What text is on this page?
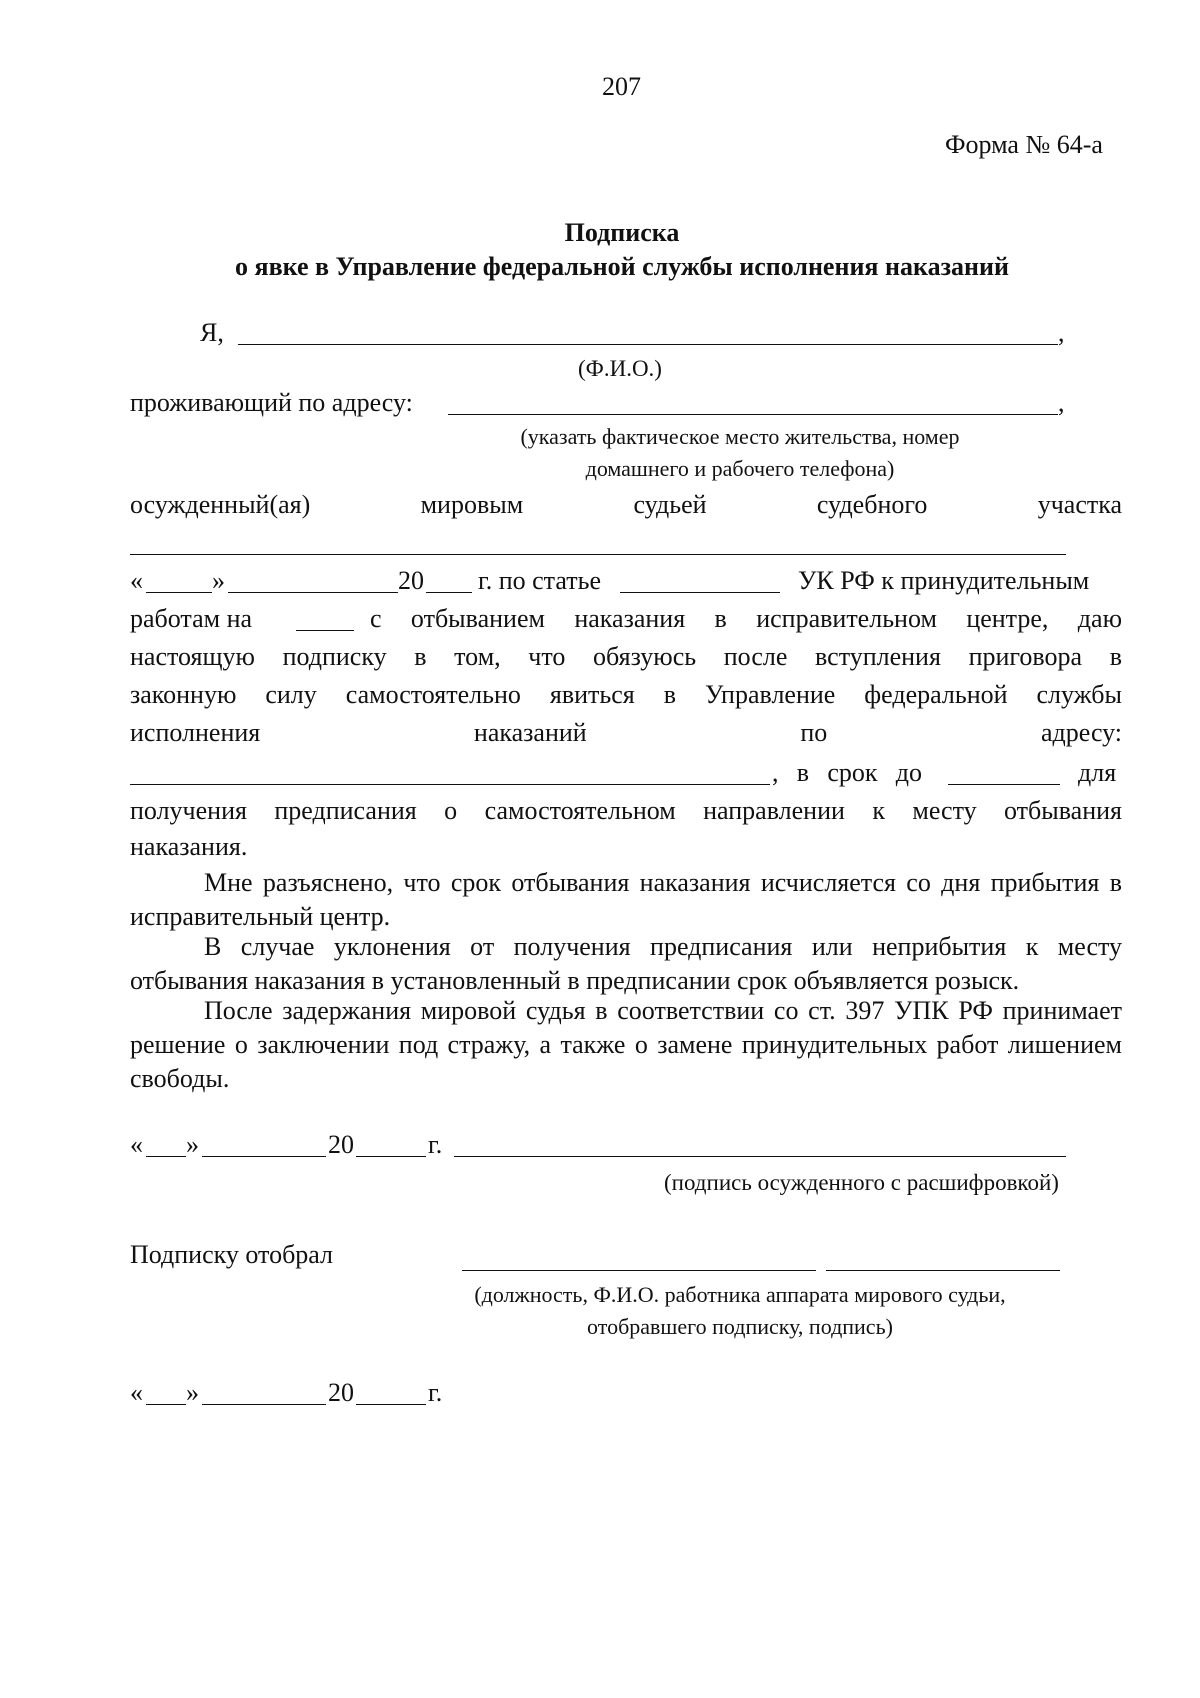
207
Форма № 64-а
Подписка
о явке в Управление федеральной службы исполнения наказаний
Я,	,
(Ф.И.О.)
проживающий по адресу:	,
(указать фактическое место жительства, номер
домашнего и рабочего телефона)
осужденный(ая)	мировым	судьей	судебного	участка
«	»	20 г. по статье	УК РФ к принудительным
работам на	с отбыванием наказания в исправительном центре, даю
настоящую подписку в том, что обязуюсь после вступления приговора в
законную силу самостоятельно явиться в Управление федеральной службы
исполнения	наказаний	по	адресу:
, в срок до	для
получения предписания о самостоятельном направлении к месту отбывания
наказания.
Мне разъяснено, что срок отбывания наказания исчисляется со дня прибытия в исправительный центр.
В случае уклонения от получения предписания или неприбытия к месту отбывания наказания в установленный в предписании срок объявляется розыск.
После задержания мировой судья в соответствии со ст. 397 УПК РФ принимает решение о заключении под стражу, а также о замене принудительных работ лишением свободы.
« »	20	г.
(подпись осужденного с расшифровкой)
Подписку отобрал
(должность, Ф.И.О. работника аппарата мирового судьи,
отобравшего подписку, подпись)
« »	20	г.
